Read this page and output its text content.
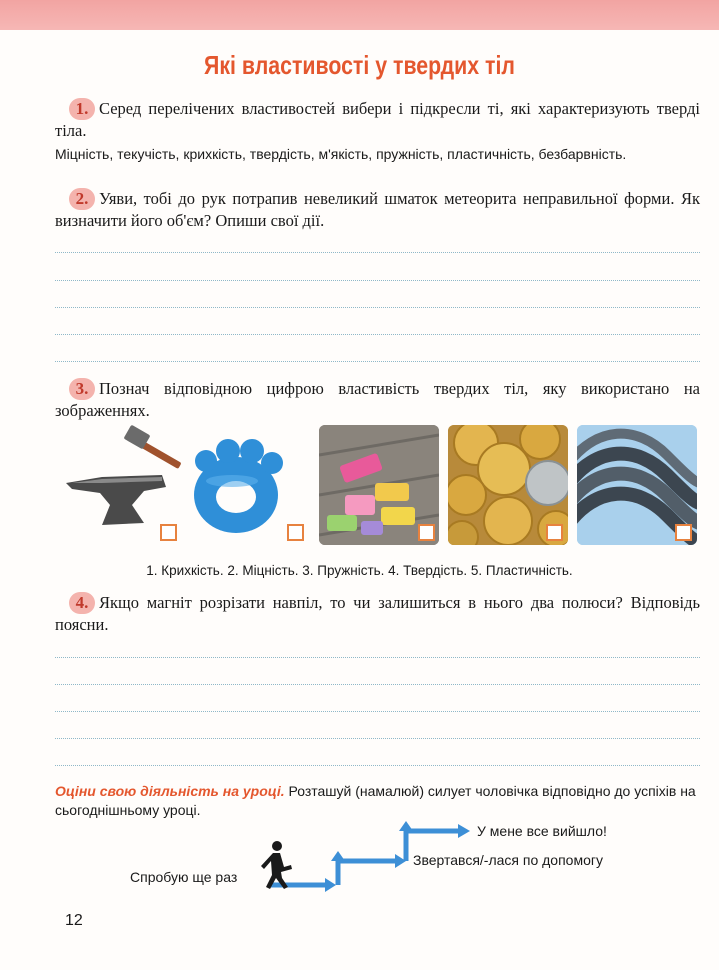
Які властивості у твердих тіл
1. Серед перелічених властивостей вибери і підкресли ті, які характеризують тверді тіла.
Міцність, текучість, крихкість, твердість, м'якість, пружність, пластичність, безбарвність.
2. Уяви, тобі до рук потрапив невеликий шматок метеорита неправильної форми. Як визначити його об'єм? Опиши свої дії.
3. Познач відповідною цифрою властивість твердих тіл, яку використано на зображеннях.
1. Крихкість. 2. Міцність. 3. Пружність. 4. Твердість. 5. Пластичність.
4. Якщо магніт розрізати навпіл, то чи залишиться в нього два полюси? Відповідь поясни.
Оціни свою діяльність на уроці. Розташуй (намалюй) силует чоловічка відповідно до успіхів на сьогоднішньому уроці.
Спробую ще раз
Звертався/-лася по допомогу
У мене все вийшло!
12
